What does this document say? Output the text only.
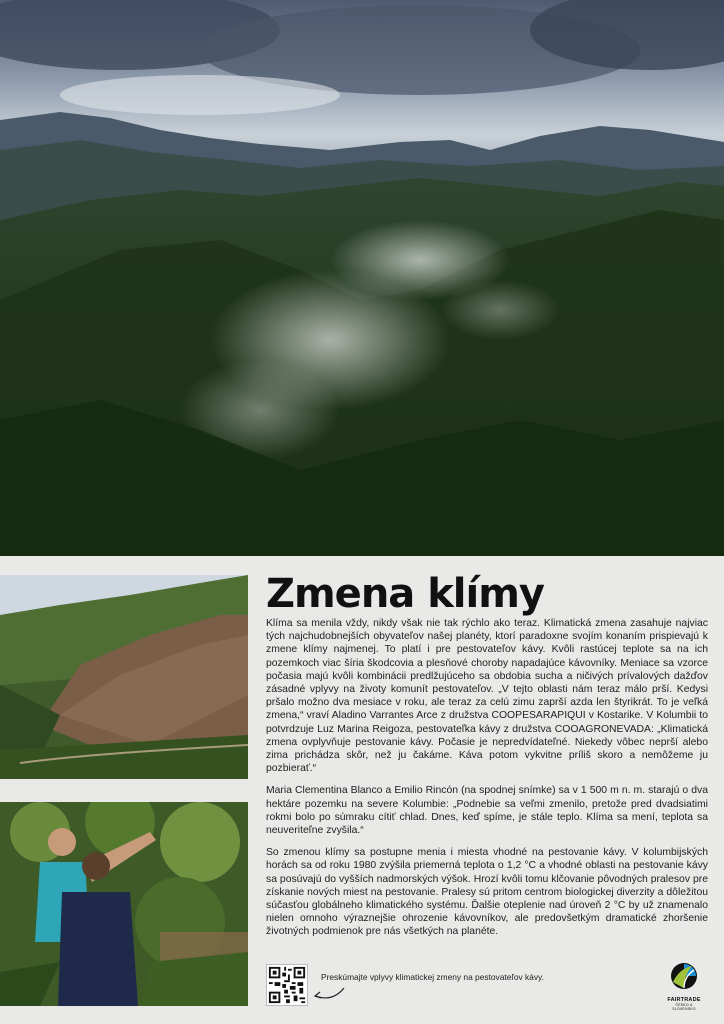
Zmena klímy

Klíma sa menila vždy, nikdy však nie tak rýchlo ako teraz. Klimatická zmena zasahuje najviac tých najchudobnejších obyvateľov našej planéty, ktorí paradoxne svojím konaním prispievajú k zmene klímy najmenej. To platí i pre pestovateľov kávy. Kvôli rastúcej teplote sa na ich pozemkoch viac šíria škodcovia a plesňové choroby napadajúce kávovníky. Meniace sa vzorce počasia majú kvôli kombinácii predlžujúceho sa obdobia sucha a ničivých prívalových dažďov zásadné vplyvy na životy komunít pestovateľov. „V tejto oblasti nám teraz málo prší. Kedysi pršalo možno dva mesiace v roku, ale teraz za celú zimu zaprší azda len štyrikrát. To je veľká zmena,“ vraví Aladino Varrantes Arce z družstva COOPESARAPIQUI v Kostarike. V Kolumbii to potvrdzuje Luz Marina Reigoza, pestovateľka kávy z družstva COOAGRONEVADA: „Klimatická zmena ovplyvňuje pestovanie kávy. Počasie je nepredvídateľné. Niekedy vôbec neprší alebo zima prichádza skôr, než ju čakáme. Káva potom vykvitne príliš skoro a nemôžeme ju pozbierať.“

Maria Clementina Blanco a Emilio Rincón (na spodnej snímke) sa v 1 500 m n. m. starajú o dva hektáre pozemku na severe Kolumbie: „Podnebie sa veľmi zmenilo, pretože pred dvadsiatimi rokmi bolo po súmraku cítiť chlad. Dnes, keď spíme, je stále teplo. Klíma sa mení, teplota sa neuveriteľne zvyšila.“

So zmenou klímy sa postupne menia i miesta vhodné na pestovanie kávy. V kolumbijských horách sa od roku 1980 zvýšila priemerná teplota o 1,2 °C a vhodné oblasti na pestovanie kávy sa posúvajú do vyšších nadmorských výšok. Hrozí kvôli tomu klčovanie pôvodných pralesov pre získanie nových miest na pestovanie. Pralesy sú pritom centrom biologickej diverzity a dôležitou súčasťou globálneho klimatického systému. Ďalšie oteplenie nad úroveň 2 °C by už znamenalo nielen omnoho výraznejšie ohrozenie kávovníkov, ale predovšetkým dramatické zhoršenie životných podmienok pre nás všetkých na planéte.

Preskúmajte vplyvy klimatickej zmeny na pestovateľov kávy.
FAIRTRADE
ČESKO & SLOVENSKO
